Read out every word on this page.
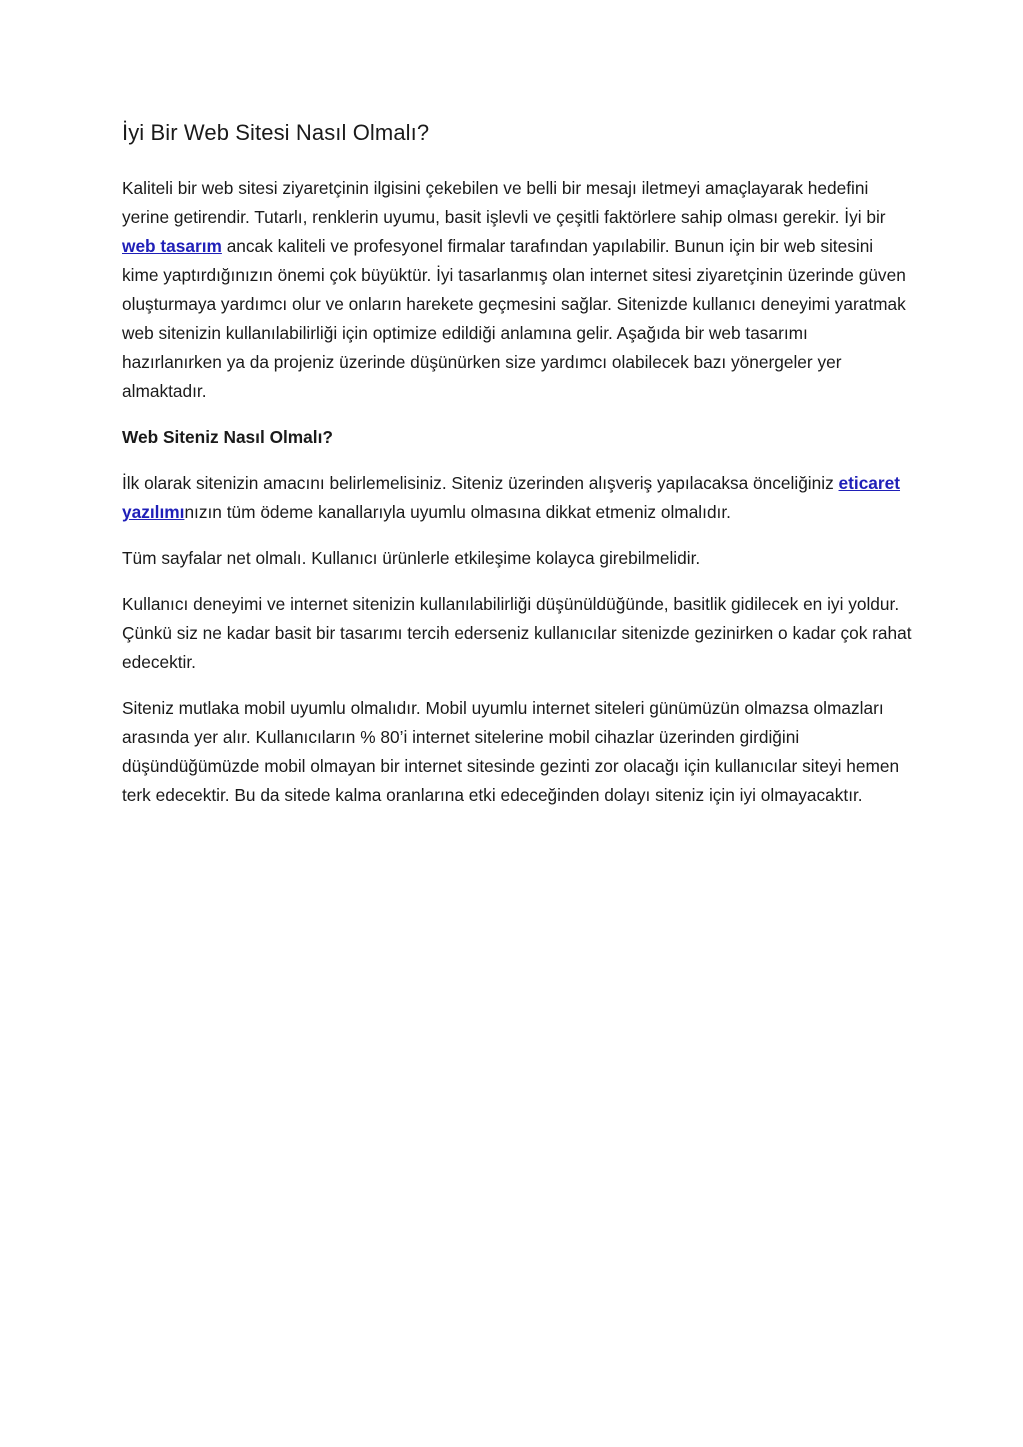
İyi Bir Web Sitesi Nasıl Olmalı?

Kaliteli bir web sitesi ziyaretçinin ilgisini çekebilen ve belli bir mesajı iletmeyi amaçlayarak hedefini yerine getirendir. Tutarlı, renklerin uyumu, basit işlevli ve çeşitli faktörlere sahip olması gerekir. İyi bir web tasarım ancak kaliteli ve profesyonel firmalar tarafından yapılabilir. Bunun için bir web sitesini kime yaptırdığınızın önemi çok büyüktür. İyi tasarlanmış olan internet sitesi ziyaretçinin üzerinde güven oluşturmaya yardımcı olur ve onların harekete geçmesini sağlar. Sitenizde kullanıcı deneyimi yaratmak web sitenizin kullanılabilirliği için optimize edildiği anlamına gelir. Aşağıda bir web tasarımı hazırlanırken ya da projeniz üzerinde düşünürken size yardımcı olabilecek bazı yönergeler yer almaktadır.

Web Siteniz Nasıl Olmalı?

İlk olarak sitenizin amacını belirlemelisiniz. Siteniz üzerinden alışveriş yapılacaksa önceliğiniz eticaret yazılımınızın tüm ödeme kanallarıyla uyumlu olmasına dikkat etmeniz olmalıdır.

Tüm sayfalar net olmalı. Kullanıcı ürünlerle etkileşime kolayca girebilmelidir.

Kullanıcı deneyimi ve internet sitenizin kullanılabilirliği düşünüldüğünde, basitlik gidilecek en iyi yoldur. Çünkü siz ne kadar basit bir tasarımı tercih ederseniz kullanıcılar sitenizde gezinirken o kadar çok rahat edecektir.

Siteniz mutlaka mobil uyumlu olmalıdır. Mobil uyumlu internet siteleri günümüzün olmazsa olmazları arasında yer alır. Kullanıcıların % 80’i internet sitelerine mobil cihazlar üzerinden girdiğini düşündüğümüzde mobil olmayan bir internet sitesinde gezinti zor olacağı için kullanıcılar siteyi hemen terk edecektir. Bu da sitede kalma oranlarına etki edeceğinden dolayı siteniz için iyi olmayacaktır.
